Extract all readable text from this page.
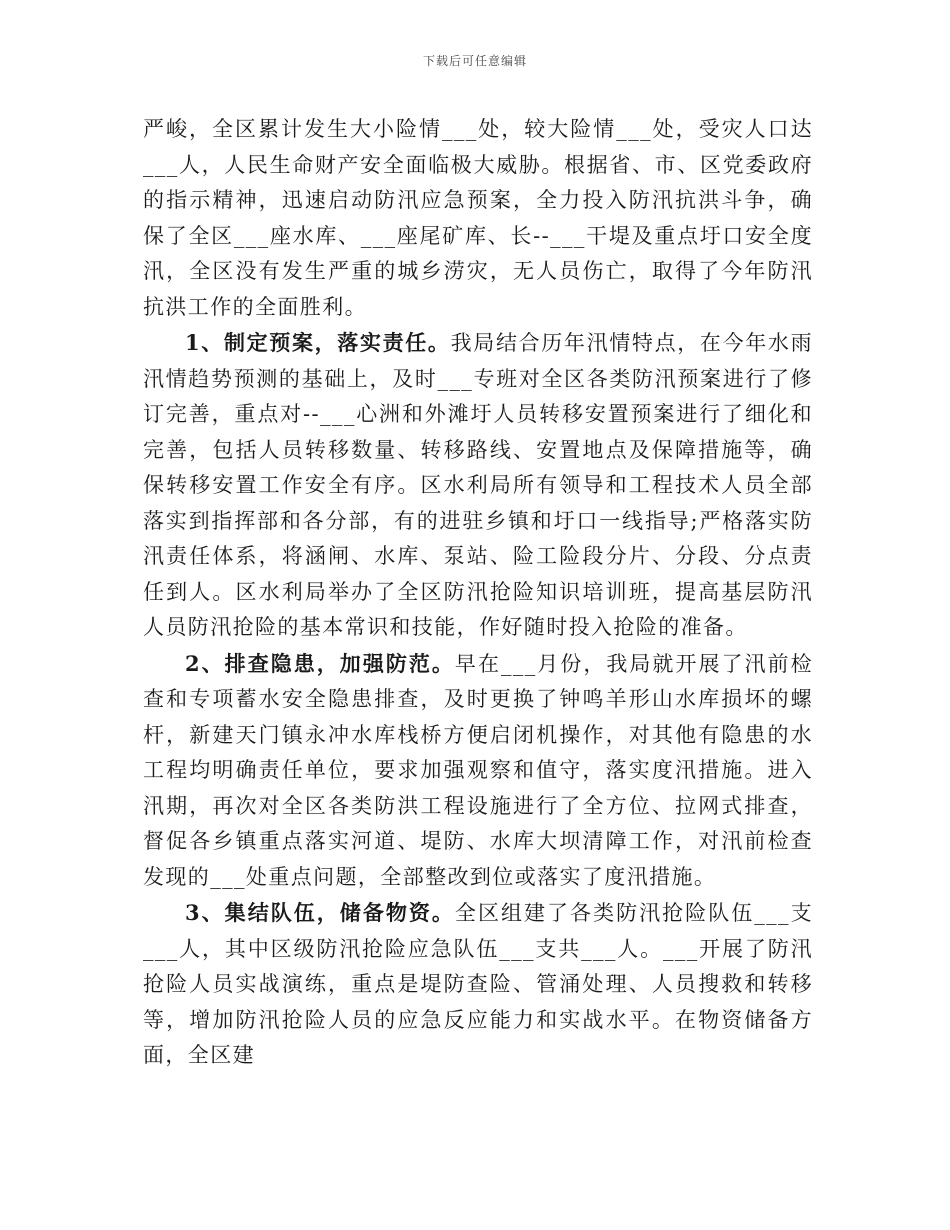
下载后可任意编辑

严峻，全区累计发生大小险情___处，较大险情___处，受灾人口达___人，人民生命财产安全面临极大威胁。根据省、市、区党委政府的指示精神，迅速启动防汛应急预案，全力投入防汛抗洪斗争，确保了全区___座水库、___座尾矿库、长--___干堤及重点圩口安全度汛，全区没有发生严重的城乡涝灾，无人员伤亡，取得了今年防汛抗洪工作的全面胜利。

1、制定预案，落实责任。我局结合历年汛情特点，在今年水雨汛情趋势预测的基础上，及时___专班对全区各类防汛预案进行了修订完善，重点对--___心洲和外滩圩人员转移安置预案进行了细化和完善，包括人员转移数量、转移路线、安置地点及保障措施等，确保转移安置工作安全有序。区水利局所有领导和工程技术人员全部落实到指挥部和各分部，有的进驻乡镇和圩口一线指导;严格落实防汛责任体系，将涵闸、水库、泵站、险工险段分片、分段、分点责任到人。区水利局举办了全区防汛抢险知识培训班，提高基层防汛人员防汛抢险的基本常识和技能，作好随时投入抢险的准备。

2、排查隐患，加强防范。早在___月份，我局就开展了汛前检查和专项蓄水安全隐患排查，及时更换了钟鸣羊形山水库损坏的螺杆，新建天门镇永冲水库栈桥方便启闭机操作，对其他有隐患的水工程均明确责任单位，要求加强观察和值守，落实度汛措施。进入汛期，再次对全区各类防洪工程设施进行了全方位、拉网式排查，督促各乡镇重点落实河道、堤防、水库大坝清障工作，对汛前检查发现的___处重点问题，全部整改到位或落实了度汛措施。

3、集结队伍，储备物资。全区组建了各类防汛抢险队伍___支___人，其中区级防汛抢险应急队伍___支共___人。___开展了防汛抢险人员实战演练，重点是堤防查险、管涌处理、人员搜救和转移等，增加防汛抢险人员的应急反应能力和实战水平。在物资储备方面，全区建
